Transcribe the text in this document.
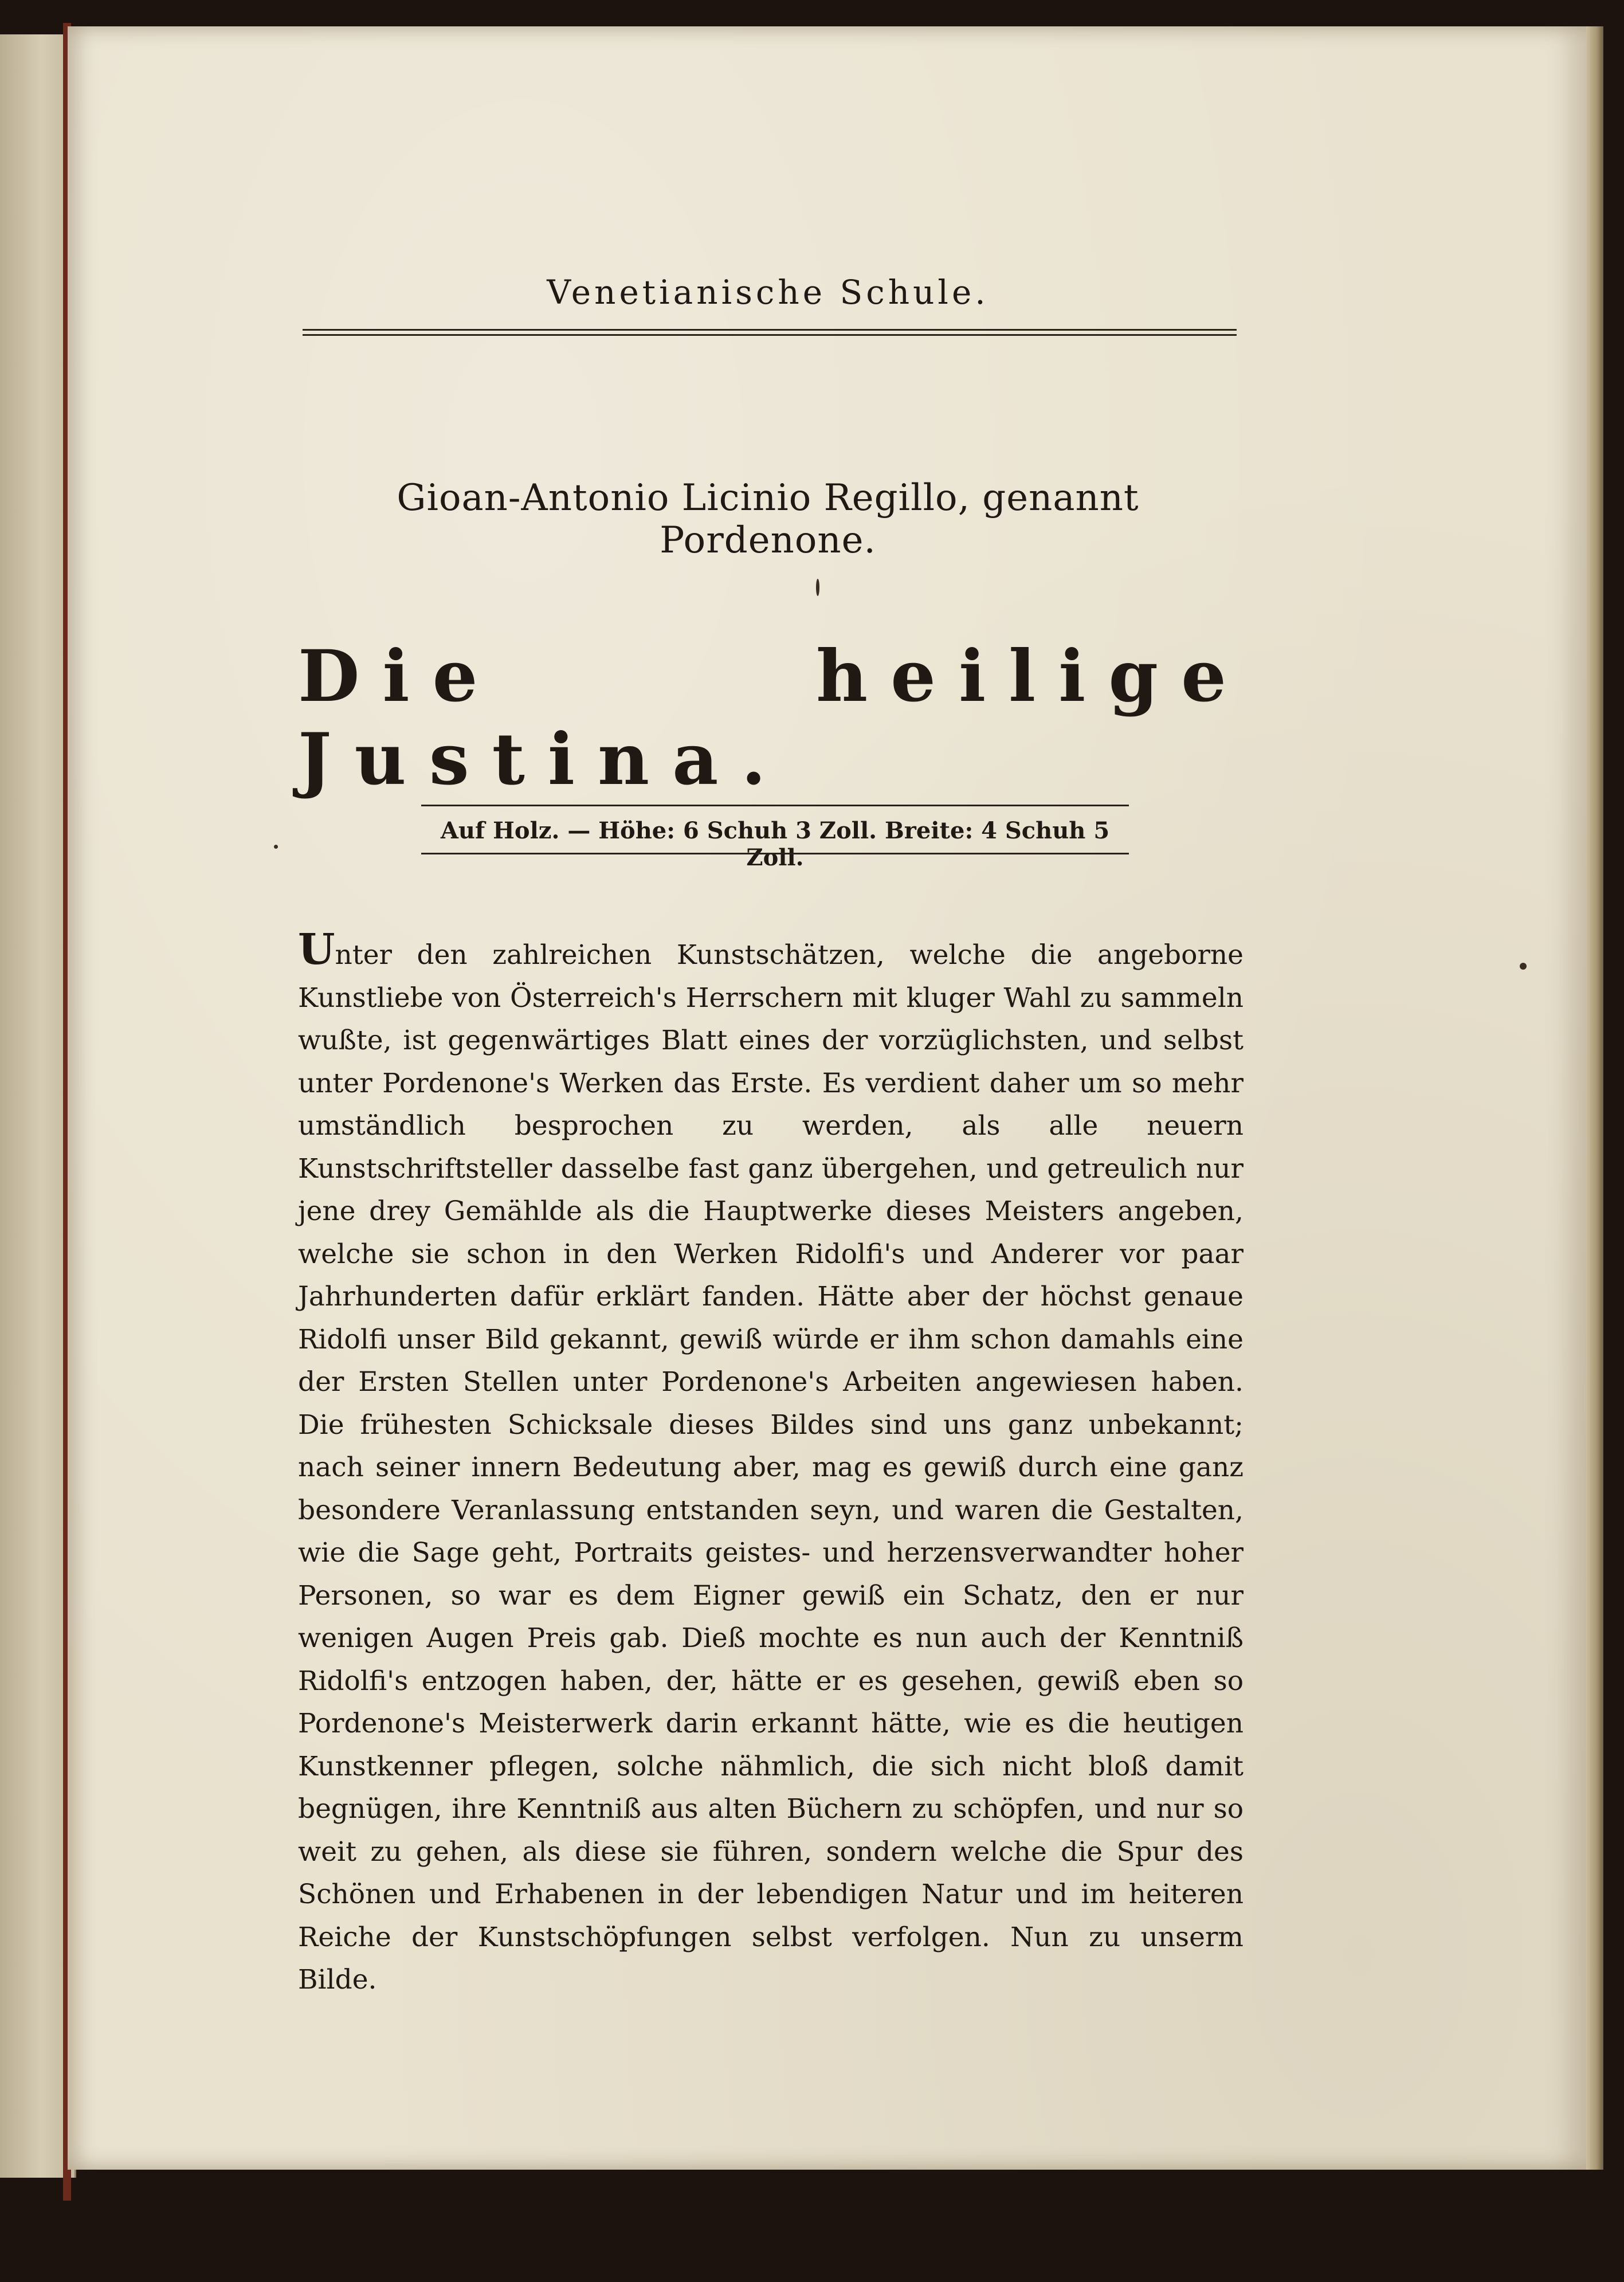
Venetianische Schule.
Gioan-Antonio Licinio Regillo, genannt Pordenone.
Die heilige Justina.
Auf Holz. — Höhe: 6 Schuh 3 Zoll. Breite: 4 Schuh 5 Zoll.

Unter den zahlreichen Kunstschätzen, welche die angeborne Kunstliebe von Österreich's Herrschern mit kluger Wahl zu sammeln wußte, ist gegenwärtiges Blatt eines der vorzüglichsten, und selbst unter Pordenone's Werken das Erste. Es verdient daher um so mehr umständlich besprochen zu werden, als alle neuern Kunstschriftsteller dasselbe fast ganz übergehen, und getreulich nur jene drey Gemählde als die Hauptwerke dieses Meisters angeben, welche sie schon in den Werken Ridolfi's und Anderer vor paar Jahrhunderten dafür erklärt fanden. Hätte aber der höchst genaue Ridolfi unser Bild gekannt, gewiß würde er ihm schon damahls eine der Ersten Stellen unter Pordenone's Arbeiten angewiesen haben. Die frühesten Schicksale dieses Bildes sind uns ganz unbekannt; nach seiner innern Bedeutung aber, mag es gewiß durch eine ganz besondere Veranlassung entstanden seyn, und waren die Gestalten, wie die Sage geht, Portraits geistes- und herzensverwandter hoher Personen, so war es dem Eigner gewiß ein Schatz, den er nur wenigen Augen Preis gab. Dieß mochte es nun auch der Kenntniß Ridolfi's entzogen haben, der, hätte er es gesehen, gewiß eben so Pordenone's Meisterwerk darin erkannt hätte, wie es die heutigen Kunstkenner pflegen, solche nähmlich, die sich nicht bloß damit begnügen, ihre Kenntniß aus alten Büchern zu schöpfen, und nur so weit zu gehen, als diese sie führen, sondern welche die Spur des Schönen und Erhabenen in der lebendigen Natur und im heiteren Reiche der Kunstschöpfungen selbst verfolgen. Nun zu unserm Bilde.
